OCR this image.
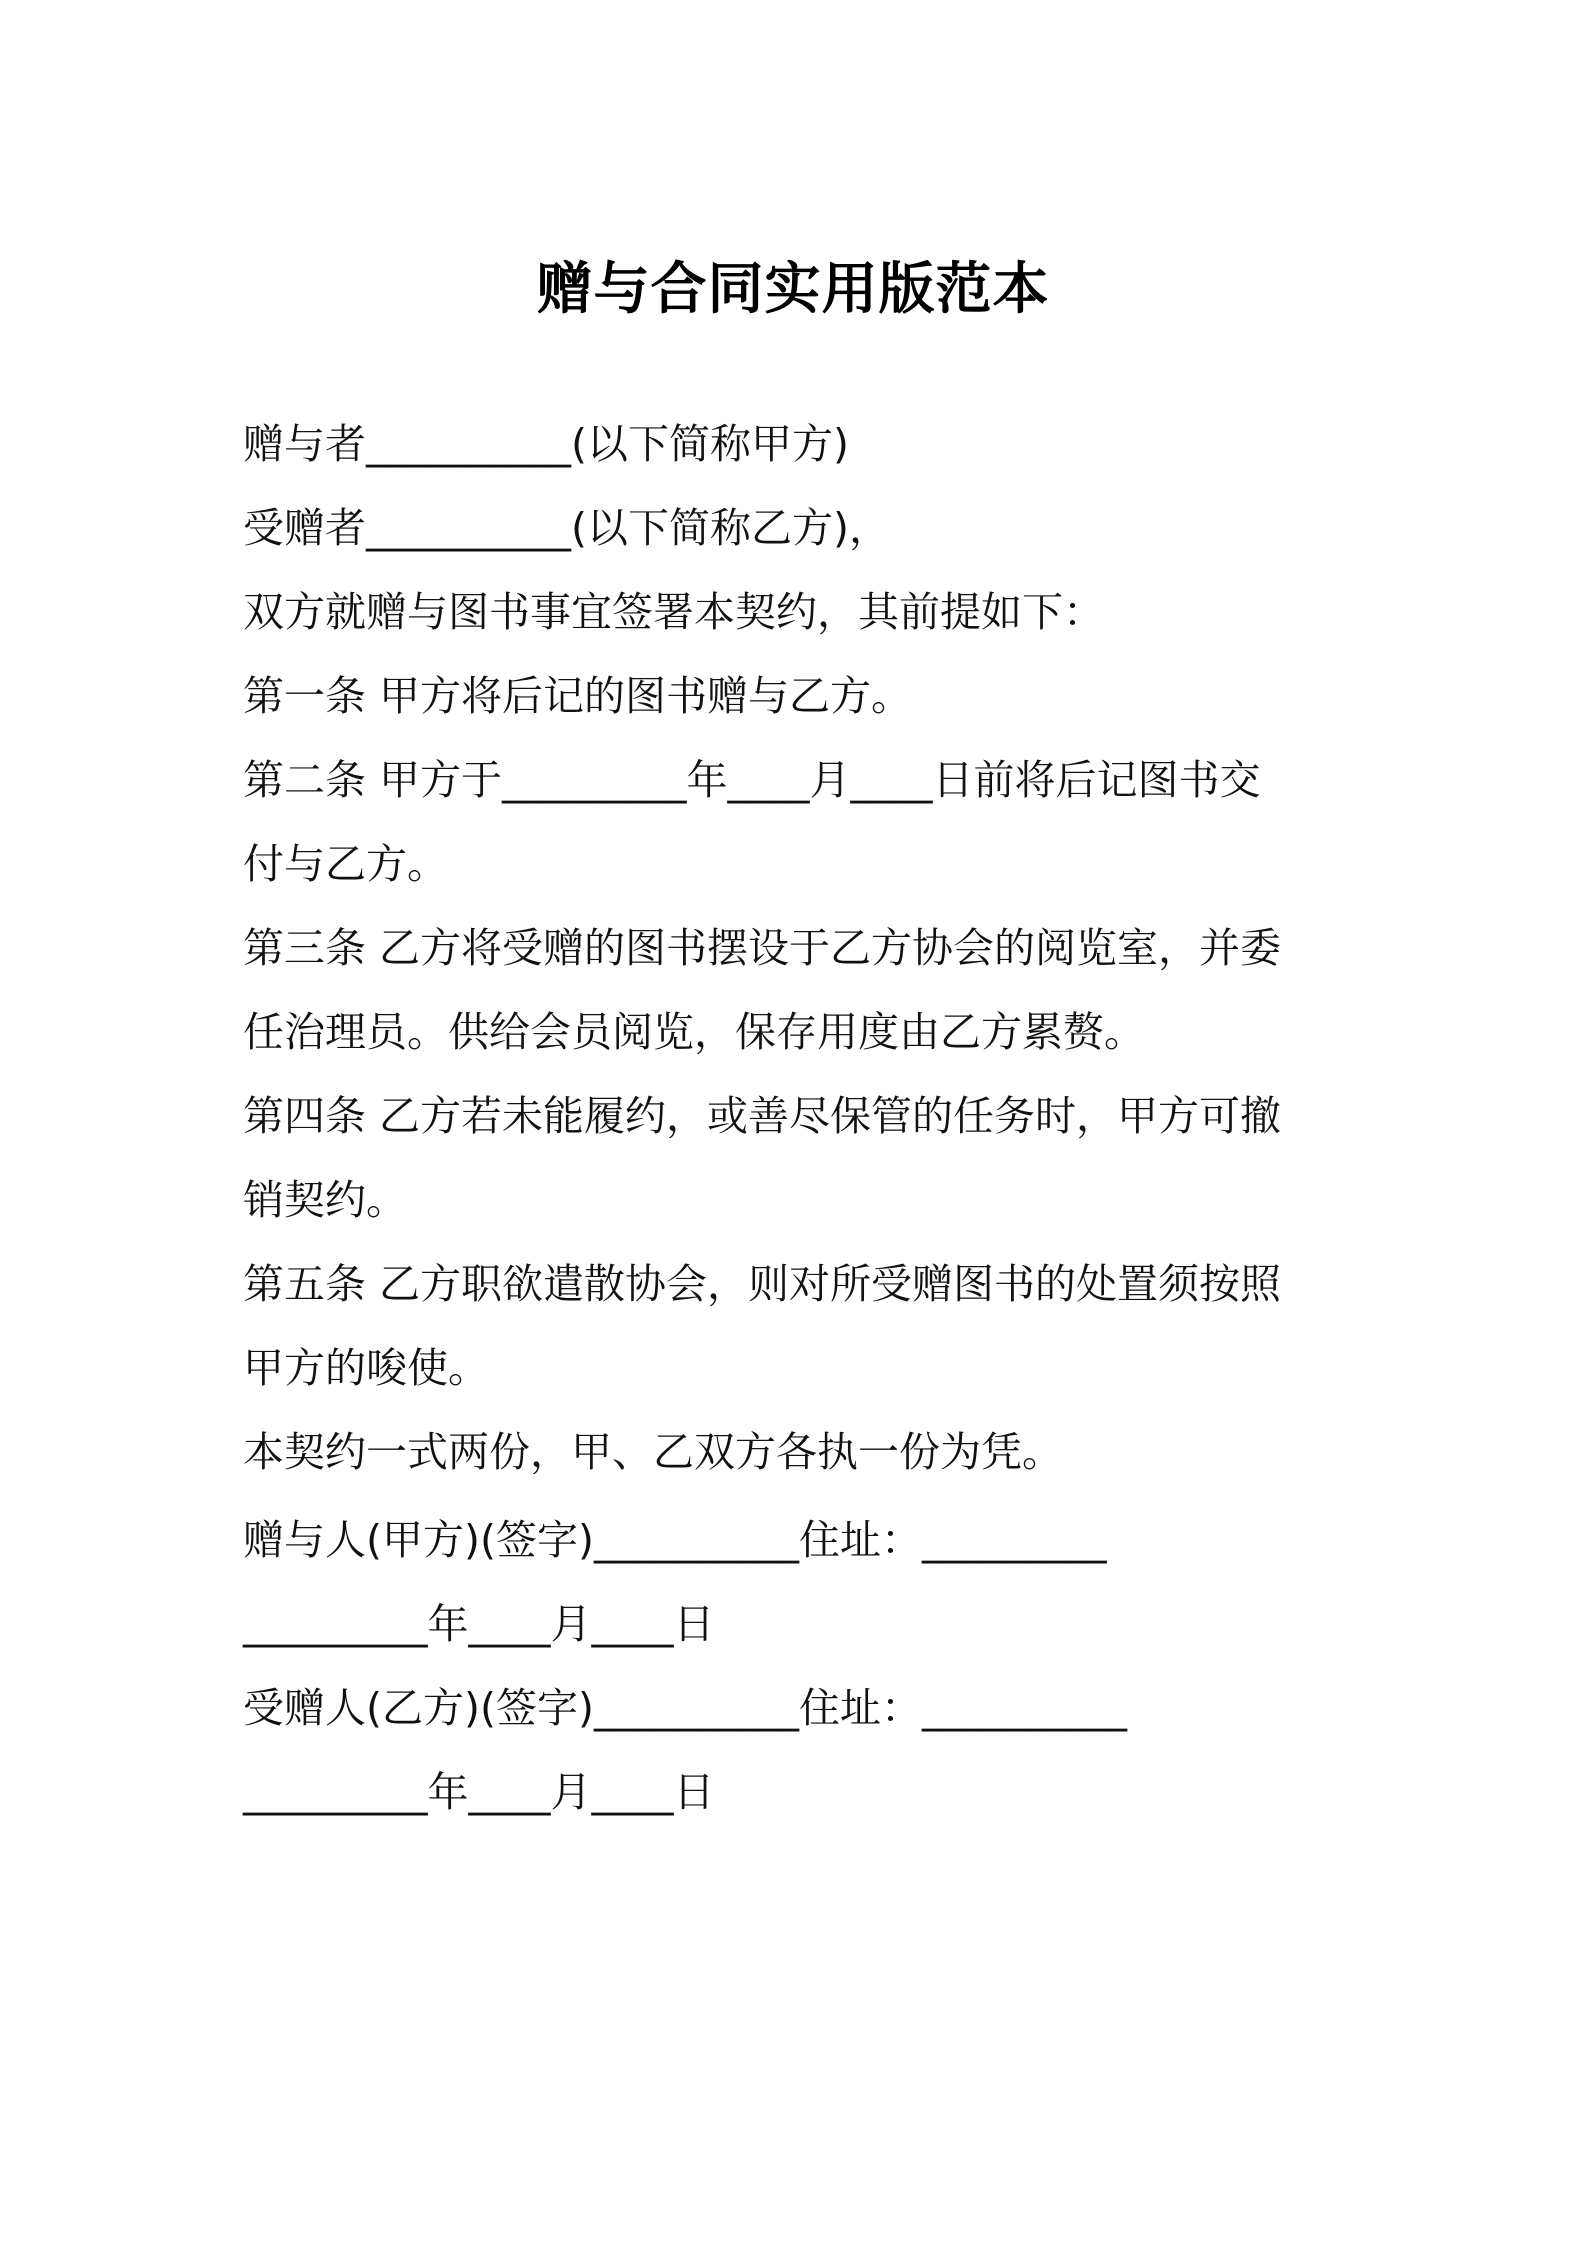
赠与合同实用版范本
赠与者__________(以下简称甲方)
受赠者__________(以下简称乙方)，
双方就赠与图书事宜签署本契约，其前提如下：
第一条 甲方将后记的图书赠与乙方。
第二条 甲方于_________年____月____日前将后记图书交
付与乙方。
第三条 乙方将受赠的图书摆设于乙方协会的阅览室，并委
任治理员。供给会员阅览，保存用度由乙方累赘。
第四条 乙方若未能履约，或善尽保管的任务时，甲方可撤
销契约。
第五条 乙方职欲遣散协会，则对所受赠图书的处置须按照
甲方的唆使。
本契约一式两份，甲、乙双方各执一份为凭。
赠与人(甲方)(签字)__________住址：_________
_________年____月____日
受赠人(乙方)(签字)__________住址：__________
_________年____月____日
